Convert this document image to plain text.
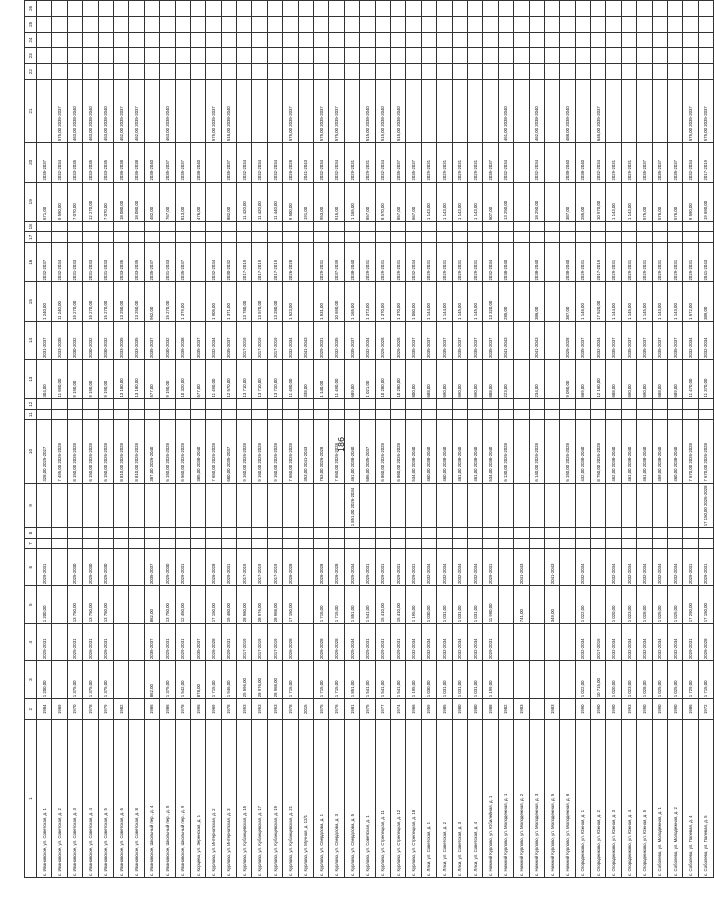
186
1	2	3	4	5	6	7	8	9	10	11	12	13	14	15	16	17	18	19	20	21	22	23	24	25	26
с. Ивановское, ул. Советская, д. 1	1984	1 200,00	2025-2031	1 200,00	2029-2031				328,00 2025-2027			304,00	2031-2037	1 240,00	2032-2037			671,00	2035-2037						
с. Ивановское, ул. Советская, д. 2	1969								7 495,00 2026-2028			11 690,00	2033-2035	11 240,00	2032-2034			9 590,00	2032-2034	575,00 2035-2037					
с. Ивановское, ул. Советская, д. 3	1970	1 375,00	2025-2031	13 750,00	2025-2030				8 150,00 2026-2028			9 190,00	2030-2032	15 270,00	2031-2033			7 070,00	2033-2035	463,00 2038-2040					
с. Ивановское, ул. Советская, д. 4	1978	1 375,00	2026-2031	13 750,00	2025-2030				6 150,00 2026-2028			9 190,00	2030-2032	15 270,00	2031-2033			12 270,00	2033-2035	463,00 2038-2040					
с. Ивановское, ул. Советская, д. 5	1979	1 375,00	2026-2031	13 750,00	2025-2030				6 150,00 2026-2028			9 190,00	2030-2032	15 270,00	2031-2033			7 070,00	2033-2035	463,00 2038-2040					
с. Ивановское, ул. Советская, д. 6	1982								8 810,00 2026-2028			13 180,00	2033-2035	13 250,00	2033-2035			18 080,00	2036-2038	462,00 2035-2037					
с. Ивановское, ул. Советская, д. 8									8 810,00 2026-2028			13 180,00	2033-2035	13 250,00	2033-2035			18 080,00	2036-2038	462,00 2035-2037					
с. Ивановское, Школьный пер., д. 4	1986	862,00	2035-2037	862,00	2035-2037				387,00 2026-2040			577,00	2035-2037	962,00	2035-2037			482,00	2038-2040						
с. Ивановское, Школьный пер., д. 5	1986	1 375,00	2025-2031	13 750,00	2025-2030				6 150,00 2026-2028			9 190,00	2030-2032	15 270,00	2031-2033			767,00	2035-2037	463,00 2038-2040					
с. Ивановское, Школьный пер., д. 9	1978	1 542,00	2029-2031	12 450,00	2029-2031				6 560,00 2026-2028			10 320,00	2036-2038	1 379,00	2035-2037			813,00	2035-2037						
с. Ксрцево, ул. Зеренская, д. 1	1996	878,00	2035-2037						385,00 2038-2040			577,00	2035-2037					476,00	2038-2040						
с. Курлово, ул. Интернатская, д. 2	1969	1 715,00	2026-2028	17 150,00	2026-2028				7 650,00 2026-2028			11 490,00	2032-2034	1 905,00	2032-2034					575,00 2035-2037					
с. Курлово, ул. Интернатская, д. 3	1978	1 946,00	2029-2031	19 460,00	2029-2031				680,00 2035-2037			12 570,00	2035-2037	1 371,00	2030-2032			882,00	2035-2037	516,00 2038-2040					
с. Курлово, ул. Кубанцевская, д. 15	1993	25 596,00	2017-2019	28 960,00	2017-2019				9 160,00 2026-2028			13 710,00	2017-2019	13 780,00	2017-2019			11 420,00	2032-2034						
с. Курлово, ул. Кубанцевская, д. 17	1993	28 976,00	2017-2019	28 976,00	2017-2019				9 160,00 2026-2028			13 710,00	2017-2019	13 570,00	2017-2019			11 420,00	2032-2034						
с. Курлово, ул. Кубанцевская, д. 19	1993	28 968,00	2017-2019	28 968,00	2017-2019				9 160,00 2026-2028			13 720,00	2017-2019	13 280,00	2017-2019			11 440,00	2032-2034						
с. Курлово, ул. Кубанцевская, д. 21	1978	1 715,00	2026-2028	17 150,00	2026-2028				7 650,00 2026-2028			11 490,00	2032-2034	1 523,00	2026-2028			9 500,00	2026-2028	575,00 2035-2037					
с. Курлово, ул. Мучная, д. 12/1	2015								353,00 2041-2043			338,00	2041-2043					191,00	2041-2043						
с. Курлово, ул. Свердлова, д. 1	1975	1 715,00	2026-2028	1 715,00	2026-2028				763,00 2026-2028			1 140,00	2029-2031	1 531,00	2029-2031			953,00	2032-2034	575,00 2035-2037					
с. Курлово, ул. Свердлова, д. 3	1976	1 715,00	2026-2028	1 715,00	2026-2028				7 650,00 2026-2028			11 490,00	2032-2035	10 690,00	2037-2039			915,00	2032-2034	575,00 2035-2037					
с. Курлово, ул. Свердлова, д. 5	1981	1 851,00	2025-2034	1 851,00	2025-2034			1 851,00 2026-2034	461,00 2038-2040			689,00	2035-2037	1 165,00	2038-2040			1 165,00	2029-2031						
с. Курлово, ул. Советская, д. 1	1975	1 541,00	2025-2031	1 541,00	2025-2031				686,00 2035-2037			1 021,00	2032-2034	1 373,00	2029-2031			857,00	2029-2031	515,00 2038-2040					
с. Курлово, ул. Стрелецкая, д. 11	1977	1 541,00	2029-2031	15 410,00	2029-2031				6 860,00 2026-2028			10 280,00	2026-2028	1 370,00	2029-2031			8 570,00	2032-2034	515,00 2038-2040					
с. Курлово, ул. Стрелецкая, д. 12	1974	1 541,00	2029-2031	15 410,00	2029-2031				6 860,00 2026-2028			10 280,00	2026-2028	1 370,00	2029-2031			857,00	2035-2037	515,00 2038-2040					
с. Курлово, ул. Стрелецкая, д. 18	1966	1 195,00	2032-2034	1 195,00	2029-2031				534,00 2038-2040			800,00	2035-2037	1 060,00	2032-2034			667,00	2035-2037						
с. Ляхи, ул. Советская, д. 1	1959	1 030,00	2032-2034	1 030,00	2032-2034				460,00 2038-2040			688,00	2035-2037	1 144,00	2029-2031			1 143,00	2029-2031						
с. Ляхи, ул. Советская, д. 2	1985	1 031,00	2032-2034	1 031,00	2032-2034				460,00 2038-2040			690,00	2035-2037	1 144,00	2029-2031			1 143,00	2029-2031						
с. Ляхи, ул. Советская, д. 3	1980	1 031,00	2032-2034	1 031,00	2032-2034				461,00 2038-2040			690,00	2035-2037	1 145,00	2029-2031			1 143,00	2029-2031						
с. Ляхи, ул. Советская, д. 4	1980	1 031,00	2032-2034	1 031,00	2032-2034				461,00 2038-2040			690,00	2035-2037	1 145,00	2029-2031			1 143,00	2029-2031						
с. Нижний Курлово, ул. Юбилейная, д. 1	1988	1 199,00	2029-2031	11 990,00	2029-2031				534,00 2038-2040			888,00	2035-2037	13 320,00	2032-2034			607,00	2035-2037						
с. Нижний Курлово, ул. Молодежная, д. 1	1982								6 130,00 2026-2028			223,00	2041-2043	285,00	2038-2040			13 250,00	2032-2034	461,00 2038-2040					
с. Нижний Курлово, ул. Молодежная, д. 2	1983			741,00	2041-2043																				
с. Нижний Курлово, ул. Молодежная, д. 3									6 140,00 2026-2028			234,00	2041-2043	386,00	2038-2040			18 250,00	2032-2034	462,00 2038-2040					
с. Нижний Курлово, ул. Молодежная, д. 5	1983			349,00	2041-2043																				
с. Нижний Курлово, ул. Молодежная, д. 6									6 150,00 2026-2028			9 090,00	2026-2028	387,00	2038-2040			387,00	2038-2040	488,00 2038-2040					
с. Огородниково, ул. Южная, д. 1	1990	1 022,00	2032-2034	1 022,00	2032-2034				432,00 2038-2040			669,00	2035-2037	1 146,00	2029-2031			285,00	2038-2040						
с. Огородниково, ул. Южная, д. 2	1990	10 715,00	2017-2019						8 750,00 2026-2028			12 160,00	2032-2034	17 520,00	2017-2019			10 970,00	2032-2034	646,00 2035-2037					
с. Огородниково, ул. Южная, д. 3	1990	1 020,00	2032-2034	1 020,00	2032-2034				462,00 2038-2040			688,00	2035-2037	1 144,00	2029-2031			1 143,00	2029-2031						
с. Огородниково, ул. Южная, д. 4	1993	1 023,00	2032-2034	1 023,00	2032-2034				461,00 2038-2040			690,00	2035-2037	1 145,00	2029-2031			1 143,00	2029-2031						
с. Огородниково, ул. Южная, д. 5	1990	1 028,00	2032-2034	1 028,00	2032-2034				461,00 2038-2040			690,00	2035-2037	1 145,00	2029-2031			575,00	2035-2037						
с. Соболево, ул. Молодежная, д. 1	1990	1 025,00	2032-2034	1 025,00	2032-2034				459,00 2038-2040			688,00	2035-2037	1 143,00	2029-2031			576,00	2035-2037						
с. Соболево, ул. Молодежная, д. 2	1990	1 025,00	2032-2034	1 025,00	2032-2034				460,00 2038-2040			689,00	2035-2037	1 143,00	2029-2031			576,00	2035-2037						
с. Соболево, ул. Полевая, д. 4	1986	1 729,00	2029-2031	17 290,00	2029-2031				7 670,00 2026-2028			11 470,00	2032-2034	1 572,00	2029-2031			9 590,00	2032-2034	575,00 2035-2037					
с. Соболево, ул. Полевая, д. 5	1972	1 715,00	2026-2028	17 150,00	2029-2031			17 150,00 2026-2028	7 670,00 2026-2028			11 370,00	2032-2034	389,00	2041-2043			19 690,00	2017-2019	575,00 2035-2037					
